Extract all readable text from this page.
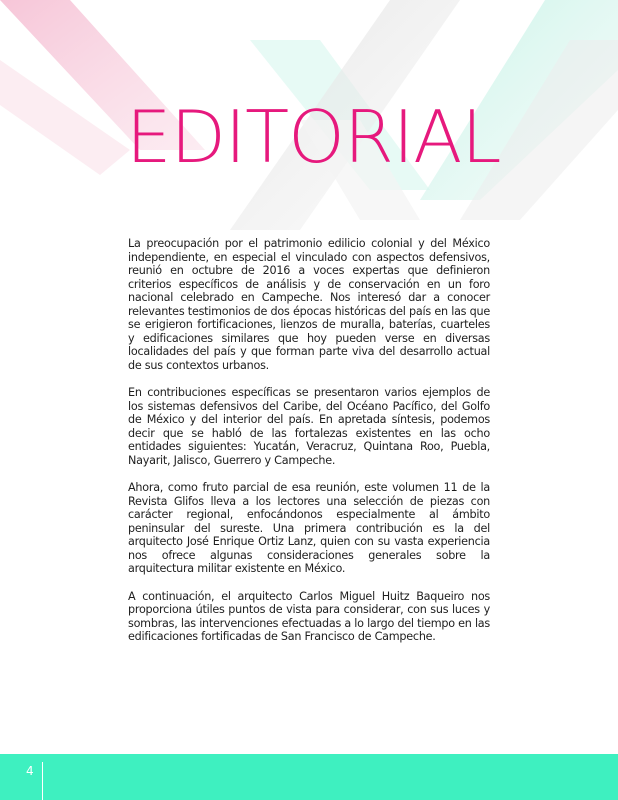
EDITORIAL

La preocupación por el patrimonio edilicio colonial y del México independiente, en especial el vinculado con aspectos defensivos, reunió en octubre de 2016 a voces expertas que definieron criterios específicos de análisis y de conservación en un foro nacional celebrado en Campeche. Nos interesó dar a conocer relevantes testimonios de dos épocas históricas del país en las que se erigieron fortificaciones, lienzos de muralla, baterías, cuarteles y edificaciones similares que hoy pueden verse en diversas localidades del país y que forman parte viva del desarrollo actual de sus contextos urbanos.

En contribuciones específicas se presentaron varios ejemplos de los sistemas defensivos del Caribe, del Océano Pacífico, del Golfo de México y del interior del país. En apretada síntesis, podemos decir que se habló de las fortalezas existentes en las ocho entidades siguientes: Yucatán, Veracruz, Quintana Roo, Puebla, Nayarit, Jalisco, Guerrero y Campeche.

Ahora, como fruto parcial de esa reunión, este volumen 11 de la Revista Glifos lleva a los lectores una selección de piezas con carácter regional, enfocándonos especialmente al ámbito peninsular del sureste. Una primera contribución es la del arquitecto José Enrique Ortiz Lanz, quien con su vasta experiencia nos ofrece algunas consideraciones generales sobre la arquitectura militar existente en México.

A continuación, el arquitecto Carlos Miguel Huitz Baqueiro nos proporciona útiles puntos de vista para considerar, con sus luces y sombras, las intervenciones efectuadas a lo largo del tiempo en las edificaciones fortificadas de San Francisco de Campeche.

4
